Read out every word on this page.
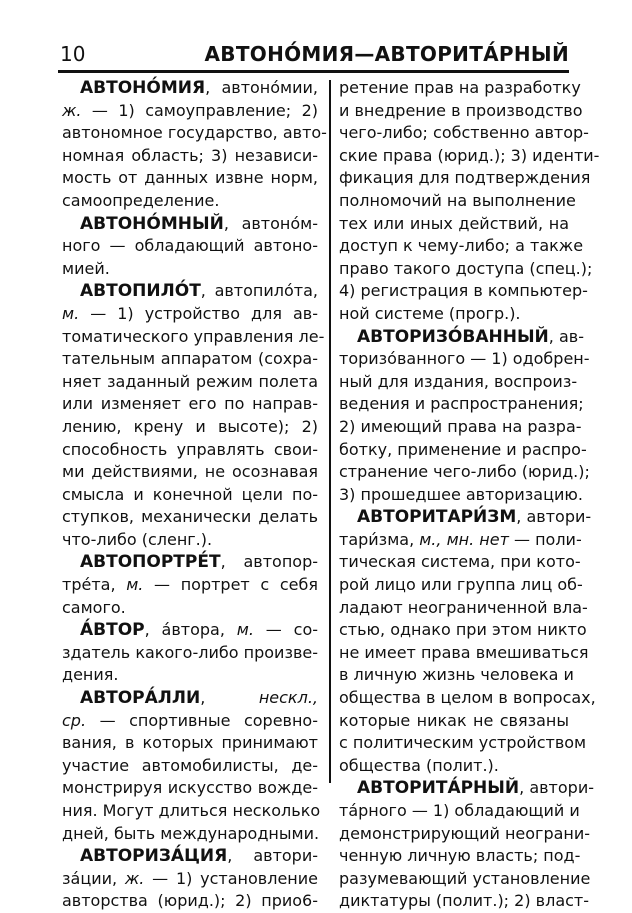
10	АВТОНО́МИЯ—АВТОРИТА́РНЫЙ
АВТОНО́МИЯ, автоно́мии,
ж. — 1) самоуправление; 2)
автономное государство, авто-
номная область; 3) независи-
мость от данных извне норм,
самоопределение.
АВТОНО́МНЫЙ, автоно́м-
ного — обладающий автоно-
мией.
АВТОПИЛО́Т, автопило́та,
м. — 1) устройство для ав-
томатического управления ле-
тательным аппаратом (сохра-
няет заданный режим полета
или изменяет его по направ-
лению, крену и высоте); 2)
способность управлять свои-
ми действиями, не осознавая
смысла и конечной цели по-
ступков, механически делать
что-либо (сленг.).
АВТОПОРТРЕ́Т, автопор-
тре́та, м. — портрет с себя
самого.
А́ВТОР, а́втора, м. — со-
здатель какого-либо произве-
дения.
АВТОРА́ЛЛИ, нескл.,
ср. — спортивные соревно-
вания, в которых принимают
участие автомобилисты, де-
монстрируя искусство вожде-
ния. Могут длиться несколько
дней, быть международными.
АВТОРИЗА́ЦИЯ, автори-
за́ции, ж. — 1) установление
авторства (юрид.); 2) прио6-
ретение прав на разработку
и внедрение в производство
чего-либо; собственно автор-
ские права (юрид.); 3) иденти-
фикация для подтверждения
полномочий на выполнение
тех или иных действий, на
доступ к чему-либо; а также
право такого доступа (спец.);
4) регистрация в компьютер-
ной системе (прогр.).
АВТОРИЗО́ВАННЫЙ, ав-
торизо́ванного — 1) одобрен-
ный для издания, воспроиз-
ведения и распространения;
2) имеющий права на разра-
ботку, применение и распро-
странение чего-либо (юрид.);
3) прошедшее авторизацию.
АВТОРИТАРИ́ЗМ, автори-
тари́зма, м., мн. нет — поли-
тическая система, при кото-
рой лицо или группа лиц об-
ладают неограниченной вла-
стью, однако при этом никто
не имеет права вмешиваться
в личную жизнь человека и
общества в целом в вопросах,
которые никак не связаны
с политическим устройством
общества (полит.).
АВТОРИТА́РНЫЙ, автори-
та́рного — 1) обладающий и
демонстрирующий неограни-
ченную личную власть; под-
разумевающий установление
диктатуры (полит.); 2) власт-
